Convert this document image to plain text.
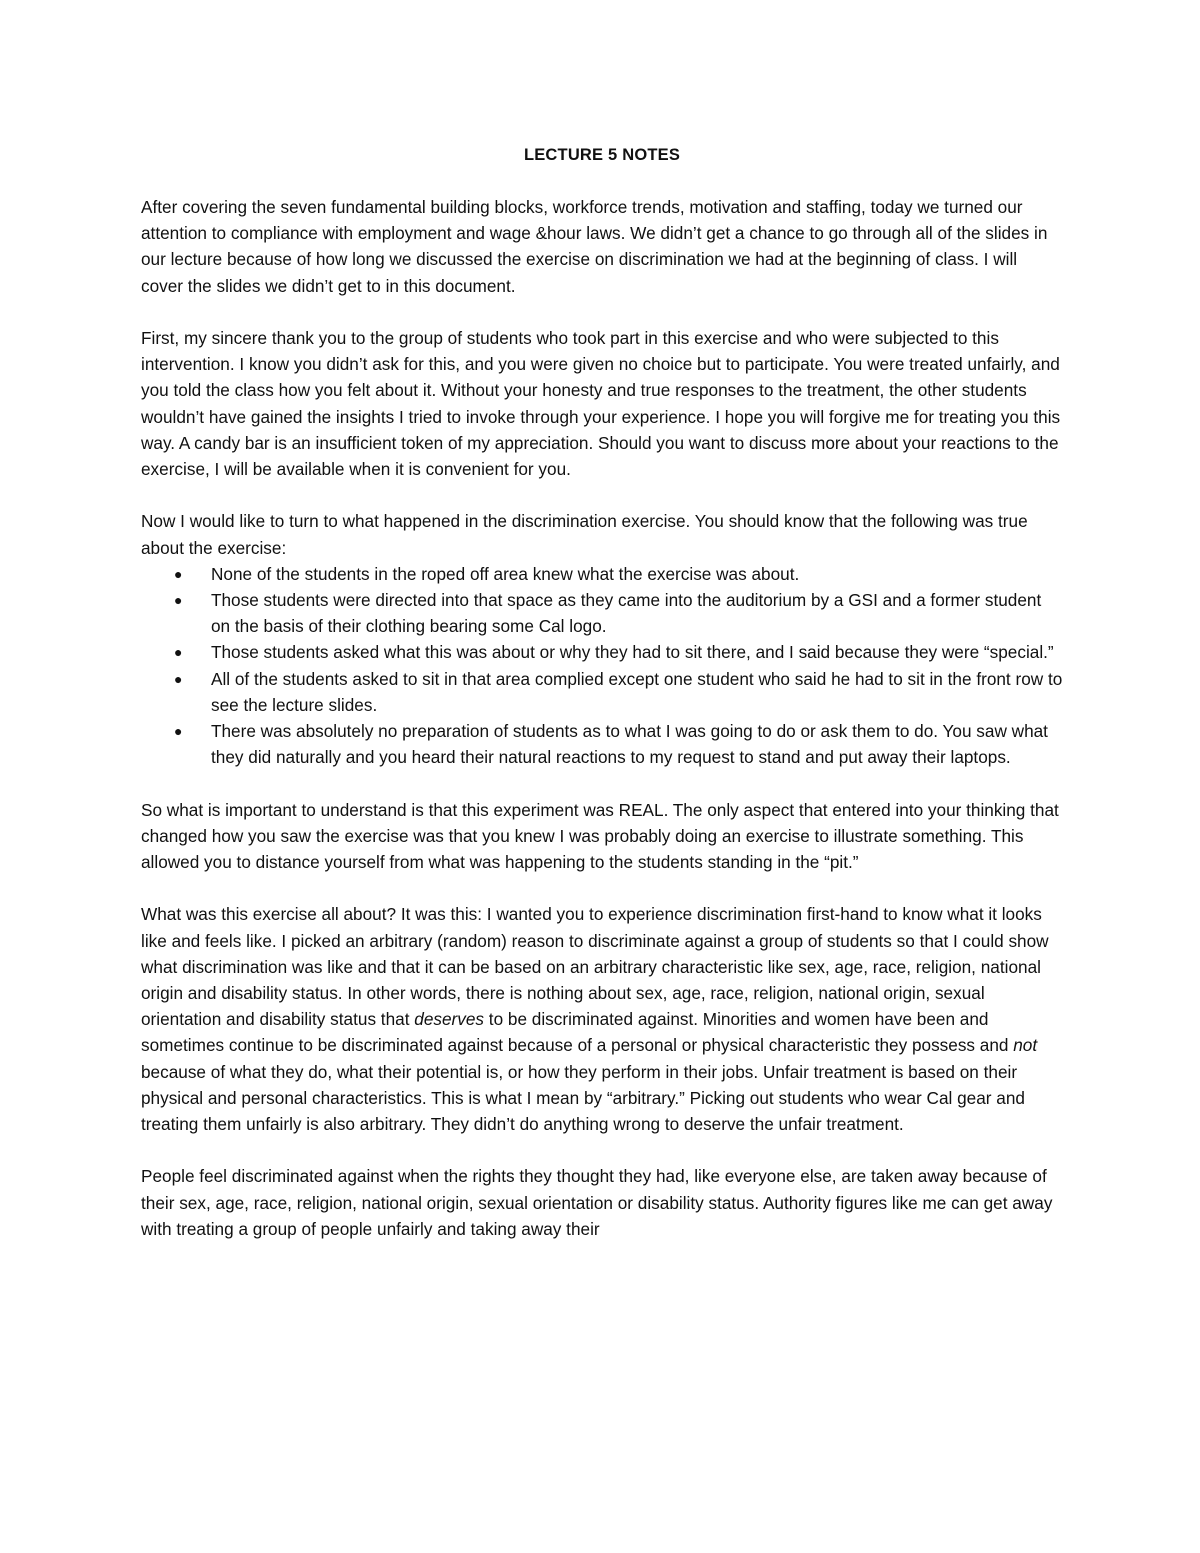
LECTURE 5 NOTES

After covering the seven fundamental building blocks, workforce trends, motivation and staffing, today we turned our attention to compliance with employment and wage &hour laws. We didn’t get a chance to go through all of the slides in our lecture because of how long we discussed the exercise on discrimination we had at the beginning of class. I will cover the slides we didn’t get to in this document.

First, my sincere thank you to the group of students who took part in this exercise and who were subjected to this intervention. I know you didn’t ask for this, and you were given no choice but to participate. You were treated unfairly, and you told the class how you felt about it. Without your honesty and true responses to the treatment, the other students wouldn’t have gained the insights I tried to invoke through your experience. I hope you will forgive me for treating you this way. A candy bar is an insufficient token of my appreciation. Should you want to discuss more about your reactions to the exercise, I will be available when it is convenient for you.

Now I would like to turn to what happened in the discrimination exercise. You should know that the following was true about the exercise:

● None of the students in the roped off area knew what the exercise was about.
● Those students were directed into that space as they came into the auditorium by a GSI and a former student on the basis of their clothing bearing some Cal logo.
● Those students asked what this was about or why they had to sit there, and I said because they were “special.”
● All of the students asked to sit in that area complied except one student who said he had to sit in the front row to see the lecture slides.
● There was absolutely no preparation of students as to what I was going to do or ask them to do. You saw what they did naturally and you heard their natural reactions to my request to stand and put away their laptops.

So what is important to understand is that this experiment was REAL. The only aspect that entered into your thinking that changed how you saw the exercise was that you knew I was probably doing an exercise to illustrate something. This allowed you to distance yourself from what was happening to the students standing in the “pit.”

What was this exercise all about? It was this: I wanted you to experience discrimination first-hand to know what it looks like and feels like. I picked an arbitrary (random) reason to discriminate against a group of students so that I could show what discrimination was like and that it can be based on an arbitrary characteristic like sex, age, race, religion, national origin and disability status. In other words, there is nothing about sex, age, race, religion, national origin, sexual orientation and disability status that deserves to be discriminated against. Minorities and women have been and sometimes continue to be discriminated against because of a personal or physical characteristic they possess and not because of what they do, what their potential is, or how they perform in their jobs. Unfair treatment is based on their physical and personal characteristics. This is what I mean by “arbitrary.” Picking out students who wear Cal gear and treating them unfairly is also arbitrary. They didn’t do anything wrong to deserve the unfair treatment.

People feel discriminated against when the rights they thought they had, like everyone else, are taken away because of their sex, age, race, religion, national origin, sexual orientation or disability status. Authority figures like me can get away with treating a group of people unfairly and taking away their
